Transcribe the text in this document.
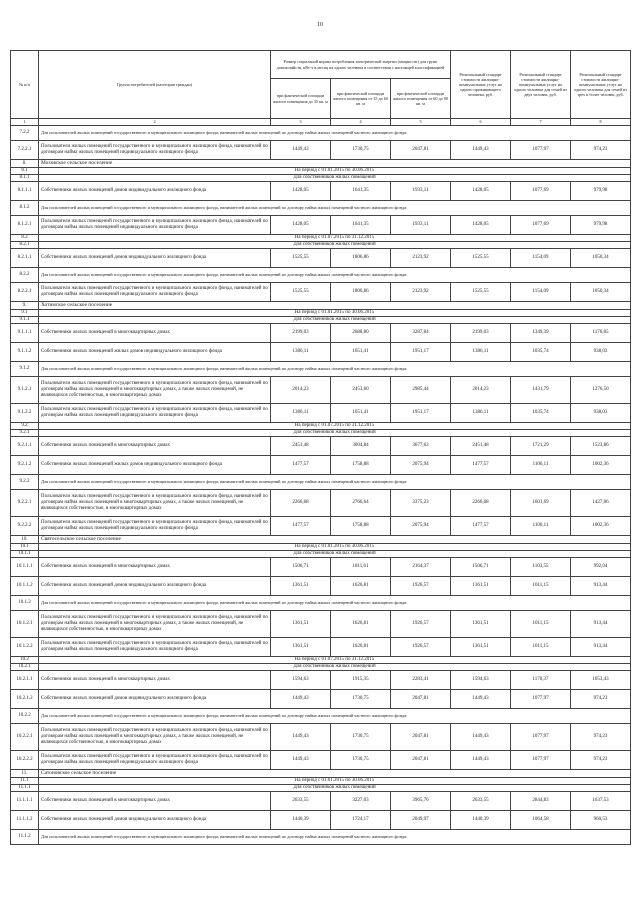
10
№ п/п	Группа потребителей (категория граждан)	Размер социальной нормы потребления электрической энергии (мощности) для групп домохозяйств, кВт·ч в месяц на одного человека в соответствии с настоящей классификацией			Региональный стандарт стоимости жилищно-коммунальных услуг на одного проживающего человека, руб.	Региональный стандарт стоимости жилищно-коммунальных услуг на одного человека для семей из двух человек, руб.	Региональный стандарт стоимости жилищно-коммунальных услуг на одного человека для семей из трех и более человек, руб.
		при фактической площади жилого помещения до 35 кв. м	при фактической площади жилого помещения от 35 до 60 кв. м	при фактической площади жилого помещения от 60 до 90 кв. м			
1	2	3	4	5	6	7	8
7.2.2	Для пользователей жилых помещений государственного и муниципального жилищного фонда, нанимателей жилых помещений по договору найма жилых помещений частного жилищного фонда:						
7.2.2.1	Пользователи жилых помещений государственного и муниципального жилищного фонда, нанимателей по договорам найма жилых помещений индивидуального жилищного фонда	1449,43	1730,75	2047,81	1449,43	1077,97	974,23
8.	Моховское сельское поселение						
8.1	На период с 01.01.2015 по 30.06.2015						
8.1.1	Для собственников жилых помещений						
8.1.1.1	Собственники жилых помещений домов индивидуального жилищного фонда	1428,05	1641,35	1933,11	1428,05	1077,69	979,98
8.1.2	Для пользователей жилых помещений государственного и муниципального жилищного фонда, нанимателей жилых помещений по договору найма жилых помещений частного жилищного фонда:						
8.1.2.1	Пользователи жилых помещений государственного и муниципального жилищного фонда, нанимателей по договорам найма жилых помещений индивидуального жилищного фонда	1428,05	1641,35	1933,11	1428,05	1077,69	979,98
8.2	На период с 01.07.2015 по 31.12.2015						
8.2.1	Для собственников жилых помещений						
8.2.1.1	Собственники жилых помещений домов индивидуального жилищного фонда	1525,55	1806,86	2123,92	1525,55	1154,09	1050,34
8.2.2	Для пользователей жилых помещений государственного и муниципального жилищного фонда, нанимателей жилых помещений по договору найма жилых помещений частного жилищного фонда:						
8.2.2.1	Пользователи жилых помещений государственного и муниципального жилищного фонда, нанимателей по договорам найма жилых помещений индивидуального жилищного фонда	1525,55	1806,86	2123,92	1525,55	1154,09	1050,34
9.	Хотимское сельское поселение						
9.1	На период с 01.01.2015 по 30.06.2015						
9.1.1	Для собственников жилых помещений						
9.1.1.1	Собственники жилых помещений в многоквартирных домах	2199,03	2688,80	3287,84	2199,03	1349,39	1176,85
9.1.1.2	Собственники жилых помещений жилых домов индивидуального жилищного фонда	1386,11	1651,41	1951,17	1386,11	1035,74	938,03
9.1.2	Для пользователей жилых помещений государственного и муниципального жилищного фонда, нанимателей жилых помещений по договору найма жилых помещений частного жилищного фонда:						
9.1.2.1	Пользователи жилых помещений государственного и муниципального жилищного фонда, нанимателей по договорам найма жилых помещений в многоквартирных домах, а также жилых помещений, не являющихся собственностью, в многоквартирных домах	2014,23	2453,60	2985,44	2014,23	1431,79	1276,50
9.1.2.2	Пользователи жилых помещений государственного и муниципального жилищного фонда, нанимателей по договорам найма жилых помещений индивидуального жилищного фонда	1386,11	1651,41	1951,17	1386,11	1035,74	938,03
9.2	На период с 01.07.2015 по 31.12.2015						
9.2.1	Для собственников жилых помещений						
9.2.1.1	Собственники жилых помещений в многоквартирных домах	2451,48	3004,84	3677,63	2451,48	1721,29	1523,86
9.2.1.2	Собственники жилых помещений жилых домов индивидуального жилищного фонда	1477,57	1758,88	2075,94	1477,57	1106,11	1002,36
9.2.2	Для пользователей жилых помещений государственного и муниципального жилищного фонда, нанимателей жилых помещений по договору найма жилых помещений частного жилищного фонда:						
9.2.2.1	Пользователи жилых помещений государственного и муниципального жилищного фонда, нанимателей по договорам найма жилых помещений в многоквартирных домах, а также жилых помещений, не являющихся собственностью, в многоквартирных домах	2266,68	2766,64	3375,23	2266,68	1601,69	1427,06
9.2.2.2	Пользователи жилых помещений государственного и муниципального жилищного фонда, нанимателей по договорам найма жилых помещений индивидуального жилищного фонда	1477,57	1758,88	2075,94	1477,57	1106,11	1002,36
10.	Святосельское сельское поселение						
10.1	На период с 01.01.2015 по 30.06.2015						
10.1.1	Для собственников жилых помещений						
10.1.1.1	Собственники жилых помещений в многоквартирных домах	1506,71	1811,61	2164,37	1506,71	1103,55	992,04
10.1.1.2	Собственники жилых помещений домов индивидуального жилищного фонда	1361,51	1626,81	1926,57	1361,51	1011,15	913,44
10.1.2	Для пользователей жилых помещений государственного и муниципального жилищного фонда, нанимателей жилых помещений по договору найма жилых помещений частного жилищного фонда:						
10.1.2.1	Пользователи жилых помещений государственного и муниципального жилищного фонда, нанимателей по договорам найма жилых помещений в многоквартирных домах, а также жилых помещений, не являющихся собственностью, в многоквартирных домах	1361,51	1626,81	1926,57	1361,51	1011,15	913,44
10.1.2.2	Пользователи жилых помещений государственного и муниципального жилищного фонда, нанимателей по договорам найма жилых помещений индивидуального жилищного фонда	1361,51	1626,81	1926,57	1361,51	1011,15	913,44
10.2	На период с 01.07.2015 по 31.12.2015						
10.2.1	Для собственников жилых помещений						
10.2.1.1	Собственники жилых помещений в многоквартирных домах	1594,63	1915,35	2283,41	1594,63	1170,37	1053,43
10.2.1.2	Собственники жилых помещений домов индивидуального жилищного фонда	1449,43	1730,75	2047,81	1449,43	1077,97	974,23
10.2.2	Для пользователей жилых помещений государственного и муниципального жилищного фонда, нанимателей жилых помещений по договору найма жилых помещений частного жилищного фонда:						
10.2.2.1	Пользователи жилых помещений государственного и муниципального жилищного фонда, нанимателей по договорам найма жилых помещений в многоквартирных домах, а также жилых помещений, не являющихся собственностью, в многоквартирных домах	1449,43	1730,75	2047,81	1449,43	1077,97	974,23
10.2.2.2	Пользователи жилых помещений государственного и муниципального жилищного фонда, нанимателей по договорам найма жилых помещений индивидуального жилищного фонда	1449,43	1730,75	2047,81	1449,43	1077,97	974,23
11.	Сатоновское сельское поселение						
11.1	На период с 01.01.2015 по 30.06.2015						
11.1.1	Для собственников жилых помещений						
11.1.1.1	Собственники жилых помещений в многоквартирных домах	2633,55	3227,03	3965,76	2633,55	2844,83	1637,53
11.1.1.2	Собственники жилых помещений домов индивидуального жилищного фонда	1440,39	1724,17	2049,97	1440,39	1064,58	960,53
11.1.2	Для пользователей жилых помещений государственного и муниципального жилищного фонда, нанимателей жилых помещений по договору найма жилых помещений частного жилищного фонда:						
